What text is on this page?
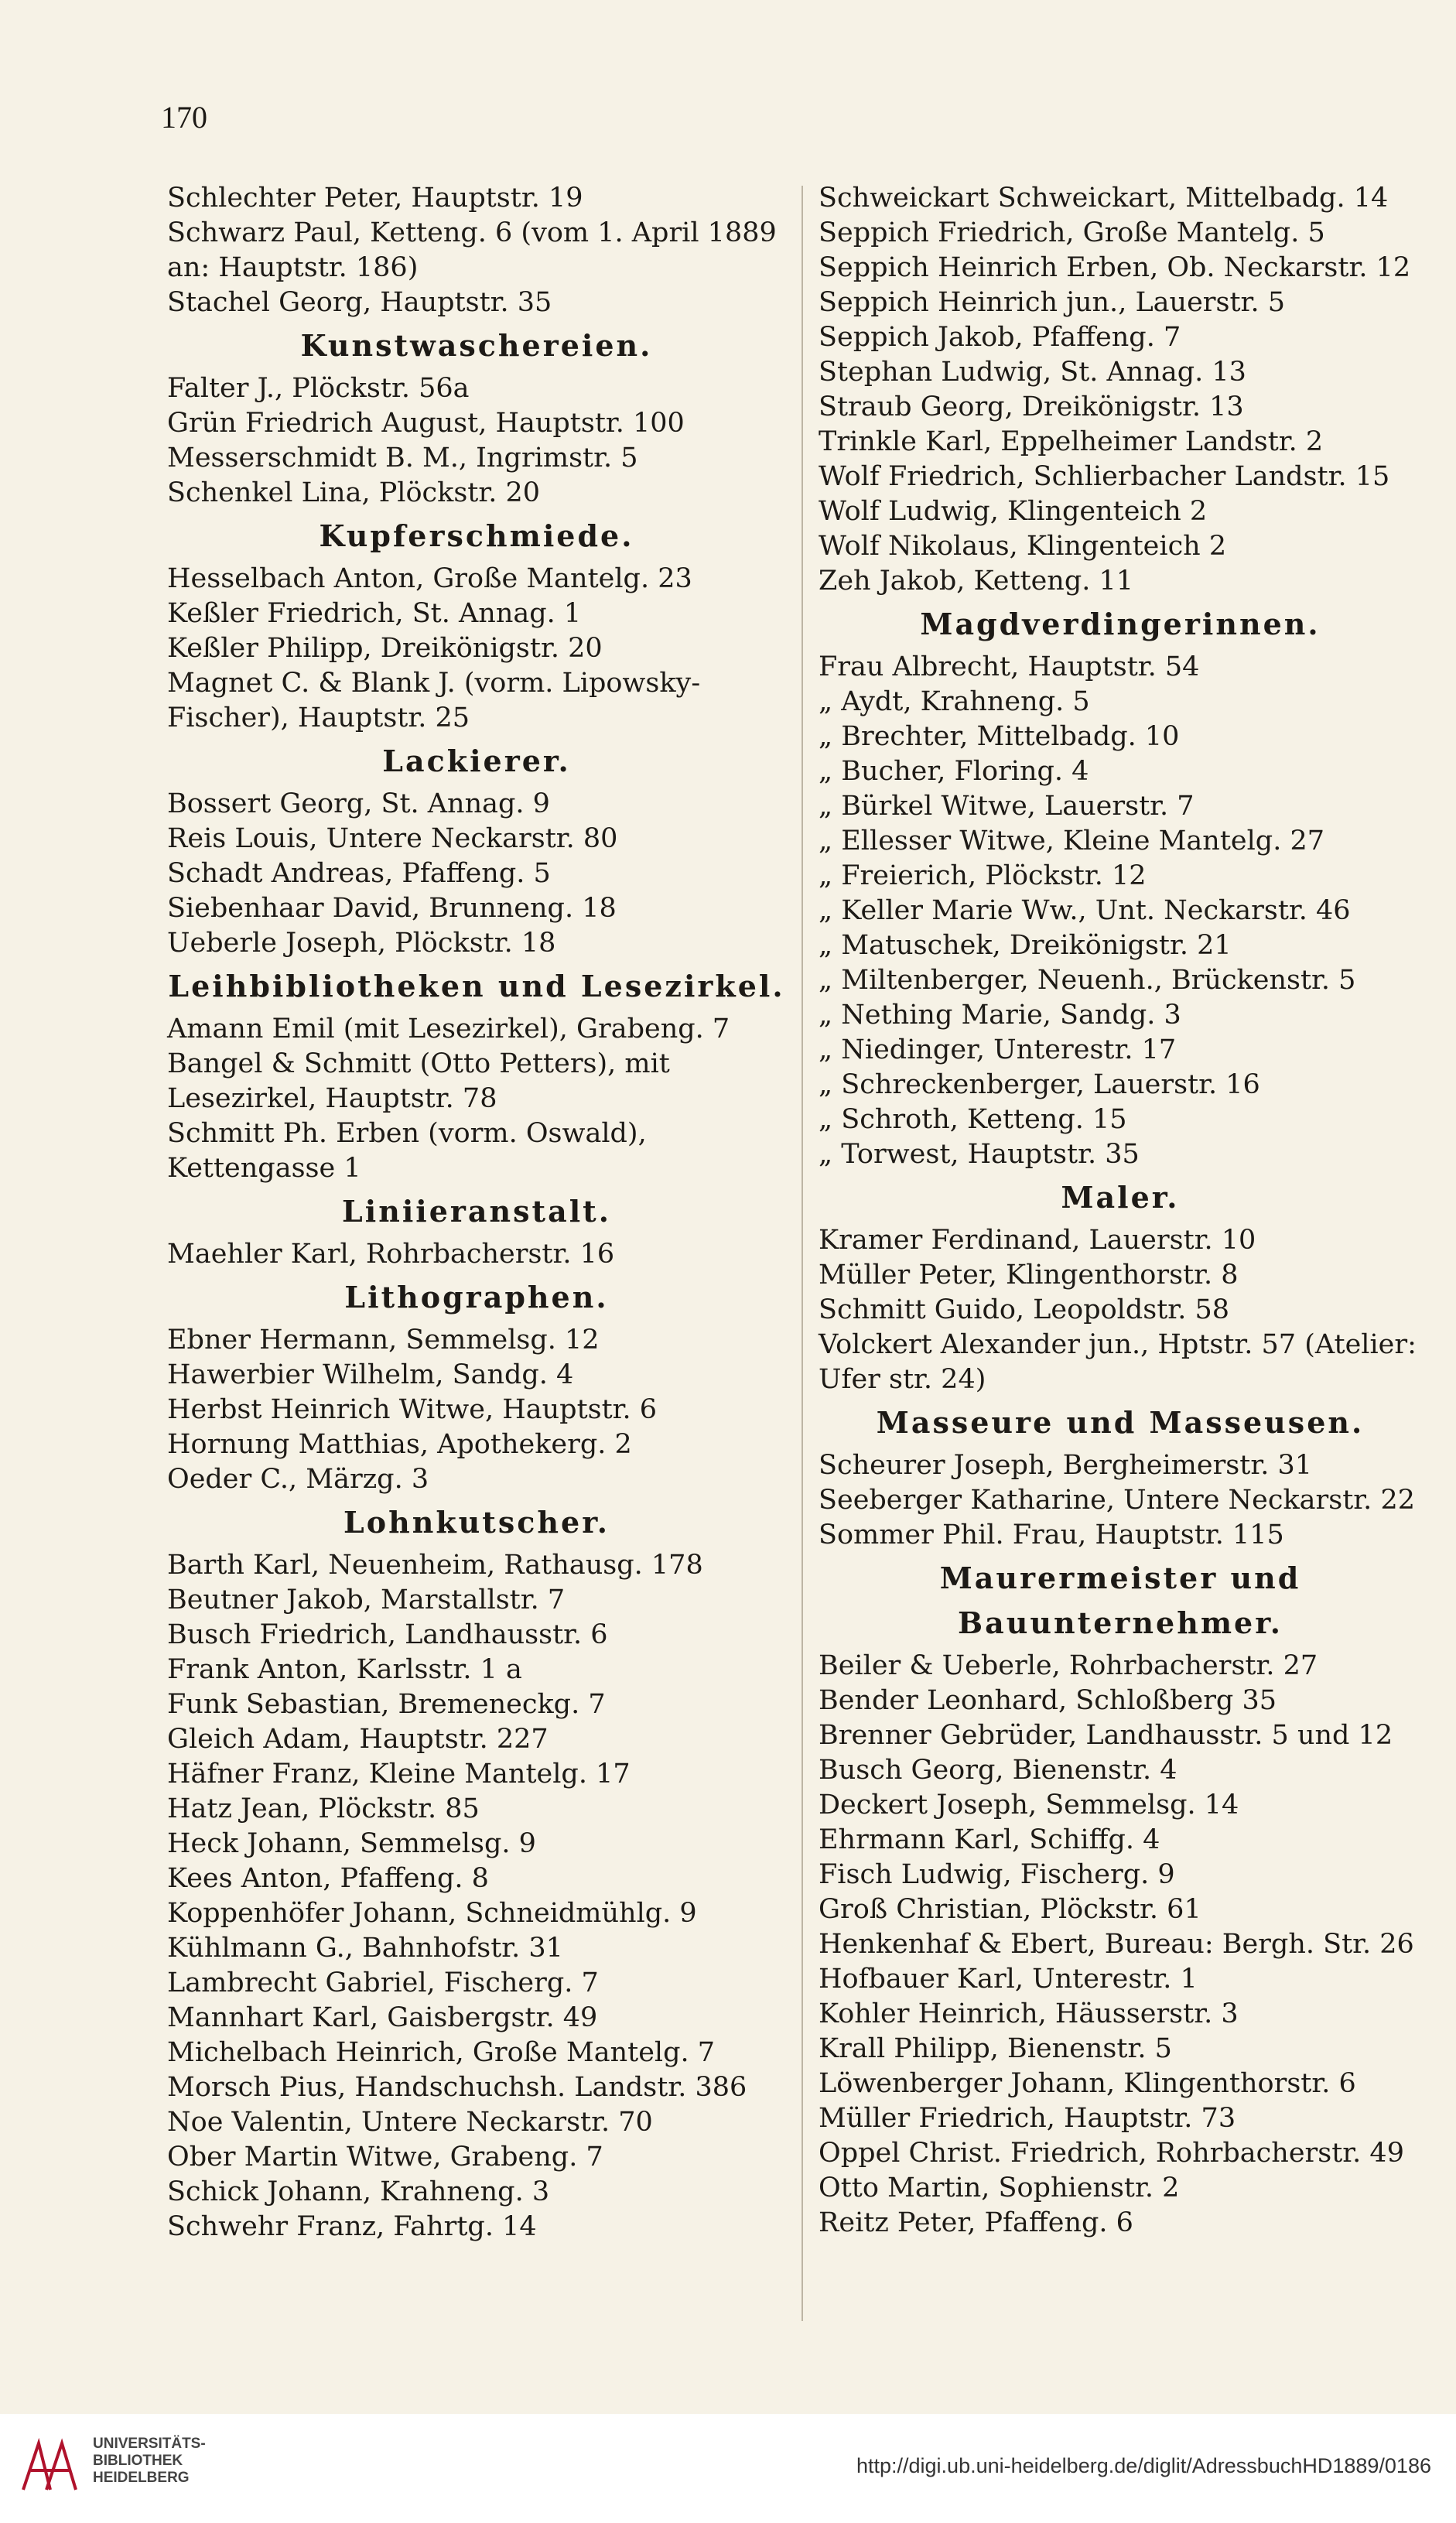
170
Schlechter Peter, Hauptstr. 19
Schwarz Paul, Ketteng. 6 (vom 1. April 1889 an: Hauptstr. 186)
Stachel Georg, Hauptstr. 35
Kunstwaschereien.
Falter J., Plöckstr. 56a
Grün Friedrich August, Hauptstr. 100
Messerschmidt B. M., Ingrimstr. 5
Schenkel Lina, Plöckstr. 20
Kupferschmiede.
Hesselbach Anton, Große Mantelg. 23
Keßler Friedrich, St. Annag. 1
Keßler Philipp, Dreikönigstr. 20
Magnet C. & Blank J. (vorm. Lipowsky-Fischer), Hauptstr. 25
Lackierer.
Bossert Georg, St. Annag. 9
Reis Louis, Untere Neckarstr. 80
Schadt Andreas, Pfaffeng. 5
Siebenhaar David, Brunneng. 18
Ueberle Joseph, Plöckstr. 18
Leihbibliotheken und Lesezirkel.
Amann Emil (mit Lesezirkel), Grabeng. 7
Bangel & Schmitt (Otto Petters), mit Lesezirkel, Hauptstr. 78
Schmitt Ph. Erben (vorm. Oswald), Kettengasse 1
Liniieranstalt.
Maehler Karl, Rohrbacherstr. 16
Lithographen.
Ebner Hermann, Semmelsg. 12
Hawerbier Wilhelm, Sandg. 4
Herbst Heinrich Witwe, Hauptstr. 6
Hornung Matthias, Apothekerg. 2
Oeder C., Märzg. 3
Lohnkutscher.
Barth Karl, Neuenheim, Rathausg. 178
Beutner Jakob, Marstallstr. 7
Busch Friedrich, Landhausstr. 6
Frank Anton, Karlsstr. 1 a
Funk Sebastian, Bremeneckg. 7
Gleich Adam, Hauptstr. 227
Häfner Franz, Kleine Mantelg. 17
Hatz Jean, Plöckstr. 85
Heck Johann, Semmelsg. 9
Kees Anton, Pfaffeng. 8
Koppenhöfer Johann, Schneidmühlg. 9
Kühlmann G., Bahnhofstr. 31
Lambrecht Gabriel, Fischerg. 7
Mannhart Karl, Gaisbergstr. 49
Michelbach Heinrich, Große Mantelg. 7
Morsch Pius, Handschuchsh. Landstr. 386
Noe Valentin, Untere Neckarstr. 70
Ober Martin Witwe, Grabeng. 7
Schick Johann, Krahneng. 3
Schwehr Franz, Fahrtg. 14
Schweickart Schweickart, Mittelbadg. 14
Seppich Friedrich, Große Mantelg. 5
Seppich Heinrich Erben, Ob. Neckarstr. 12
Seppich Heinrich jun., Lauerstr. 5
Seppich Jakob, Pfaffeng. 7
Stephan Ludwig, St. Annag. 13
Straub Georg, Dreikönigstr. 13
Trinkle Karl, Eppelheimer Landstr. 2
Wolf Friedrich, Schlierbacher Landstr. 15
Wolf Ludwig, Klingenteich 2
Wolf Nikolaus, Klingenteich 2
Zeh Jakob, Ketteng. 11
Magdverdingerinnen.
Frau Albrecht, Hauptstr. 54
„ Aydt, Krahneng. 5
„ Brechter, Mittelbadg. 10
„ Bucher, Floring. 4
„ Bürkel Witwe, Lauerstr. 7
„ Ellesser Witwe, Kleine Mantelg. 27
„ Freierich, Plöckstr. 12
„ Keller Marie Ww., Unt. Neckarstr. 46
„ Matuschek, Dreikönigstr. 21
„ Miltenberger, Neuenh., Brückenstr. 5
„ Nething Marie, Sandg. 3
„ Niedinger, Unterestr. 17
„ Schreckenberger, Lauerstr. 16
„ Schroth, Ketteng. 15
„ Torwest, Hauptstr. 35
Maler.
Kramer Ferdinand, Lauerstr. 10
Müller Peter, Klingenthorstr. 8
Schmitt Guido, Leopoldstr. 58
Volckert Alexander jun., Hptstr. 57 (Atelier: Ufer str. 24)
Masseure und Masseusen.
Scheurer Joseph, Bergheimerstr. 31
Seeberger Katharine, Untere Neckarstr. 22
Sommer Phil. Frau, Hauptstr. 115
Maurermeister und Bauunternehmer.
Beiler & Ueberle, Rohrbacherstr. 27
Bender Leonhard, Schloßberg 35
Brenner Gebrüder, Landhausstr. 5 und 12
Busch Georg, Bienenstr. 4
Deckert Joseph, Semmelsg. 14
Ehrmann Karl, Schiffg. 4
Fisch Ludwig, Fischerg. 9
Groß Christian, Plöckstr. 61
Henkenhaf & Ebert, Bureau: Bergh. Str. 26
Hofbauer Karl, Unterestr. 1
Kohler Heinrich, Häusserstr. 3
Krall Philipp, Bienenstr. 5
Löwenberger Johann, Klingenthorstr. 6
Müller Friedrich, Hauptstr. 73
Oppel Christ. Friedrich, Rohrbacherstr. 49
Otto Martin, Sophienstr. 2
Reitz Peter, Pfaffeng. 6
UNIVERSITÄTS-
BIBLIOTHEK
HEIDELBERG
http://digi.ub.uni-heidelberg.de/diglit/AdressbuchHD1889/0186
